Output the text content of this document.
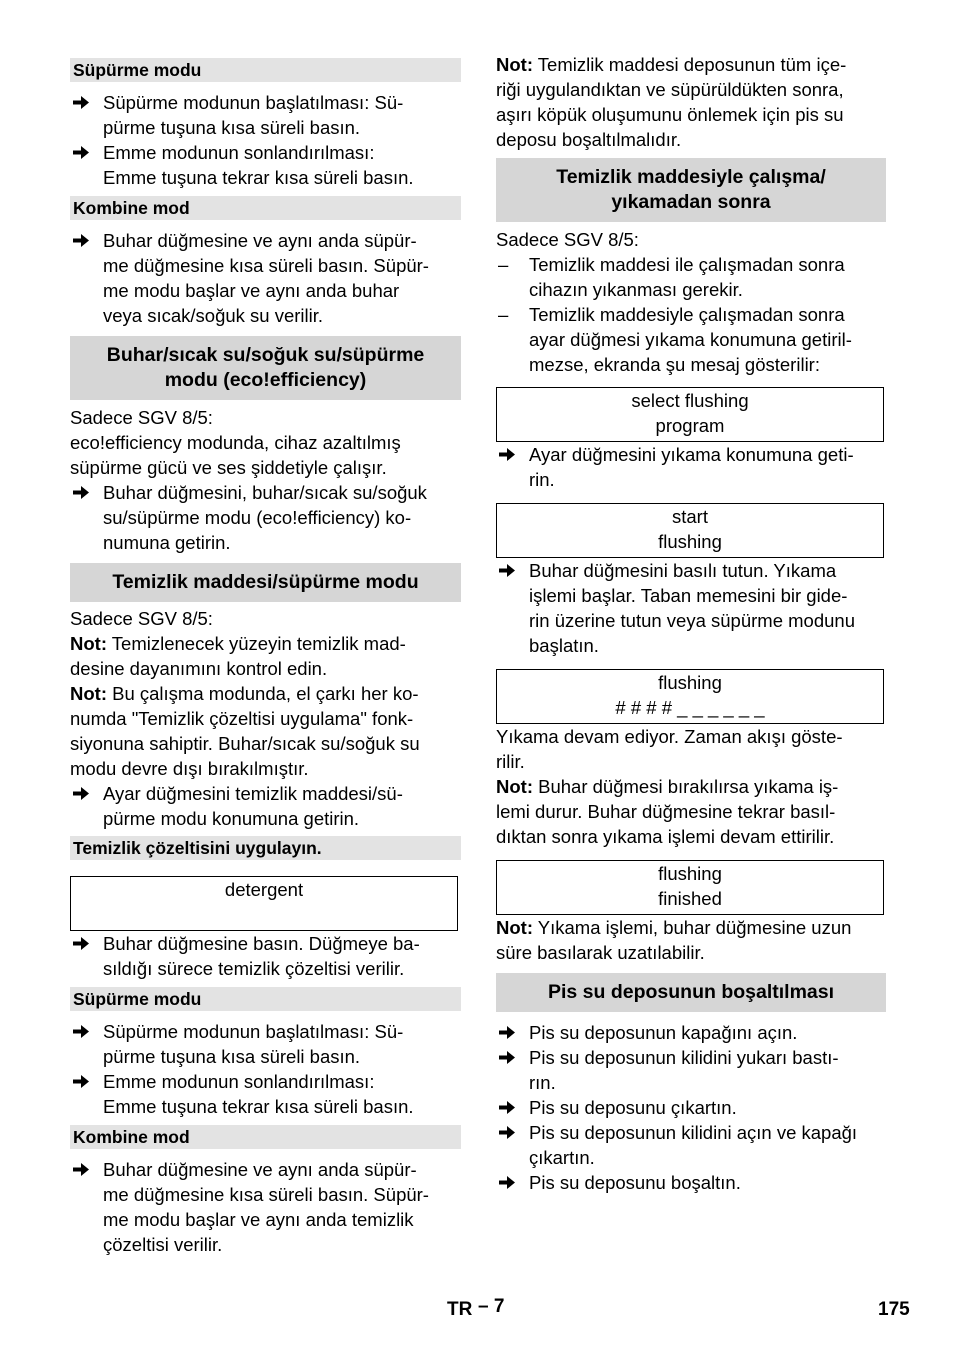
Süpürme modu
Süpürme modunun başlatılması: Sü-
pürme tuşuna kısa süreli basın.
Emme modunun sonlandırılması:
Emme tuşuna tekrar kısa süreli basın.
Kombine mod
Buhar düğmesine ve aynı anda süpür-
me düğmesine kısa süreli basın. Süpür-
me modu başlar ve aynı anda buhar
veya sıcak/soğuk su verilir.
Buhar/sıcak su/soğuk su/süpürme
modu (eco!efficiency)

Sadece SGV 8/5:
eco!efficiency modunda, cihaz azaltılmış
süpürme gücü ve ses şiddetiyle çalışır.

Buhar düğmesini, buhar/sıcak su/soğuk
su/süpürme modu (eco!efficiency) ko-
numuna getirin.
Temizlik maddesi/süpürme modu

Sadece SGV 8/5:
Not: Temizlenecek yüzeyin temizlik mad-
desine dayanımını kontrol edin.
Not: Bu çalışma modunda, el çarkı her ko-
numda "Temizlik çözeltisi uygulama" fonk-
siyonuna sahiptir. Buhar/sıcak su/soğuk su
modu devre dışı bırakılmıştır.

Ayar düğmesini temizlik maddesi/sü-
pürme modu konumuna getirin.
Temizlik çözeltisini uygulayın.
detergent

Buhar düğmesine basın. Düğmeye ba-
sıldığı sürece temizlik çözeltisi verilir.
Süpürme modu
Süpürme modunun başlatılması: Sü-
pürme tuşuna kısa süreli basın.
Emme modunun sonlandırılması:
Emme tuşuna tekrar kısa süreli basın.
Kombine mod
Buhar düğmesine ve aynı anda süpür-
me düğmesine kısa süreli basın. Süpür-
me modu başlar ve aynı anda temizlik
çözeltisi verilir.

Not: Temizlik maddesi deposunun tüm içe-
riği uygulandıktan ve süpürüldükten sonra,
aşırı köpük oluşumunu önlemek için pis su
deposu boşaltılmalıdır.

Temizlik maddesiyle çalışma/
yıkamadan sonra

Sadece SGV 8/5:

– Temizlik maddesi ile çalışmadan sonra
cihazın yıkanması gerekir.
– Temizlik maddesiyle çalışmadan sonra
ayar düğmesi yıkama konumuna getiril-
mezse, ekranda şu mesaj gösterilir:
select flushing
program
Ayar düğmesini yıkama konumuna geti-
rin.
start
flushing
Buhar düğmesini basılı tutun. Yıkama
işlemi başlar. Taban memesini bir gide-
rin üzerine tutun veya süpürme modunu
başlatın.
flushing
# # # # _ _ _ _ _ _

Yıkama devam ediyor. Zaman akışı göste-
rilir.
Not: Buhar düğmesi bırakılırsa yıkama iş-
lemi durur. Buhar düğmesine tekrar basıl-
dıktan sonra yıkama işlemi devam ettirilir.

flushing
finished

Not: Yıkama işlemi, buhar düğmesine uzun
süre basılarak uzatılabilir.

Pis su deposunun boşaltılması
Pis su deposunun kapağını açın.
Pis su deposunun kilidini yukarı bastı-
rın.
Pis su deposunu çıkartın.
Pis su deposunun kilidini açın ve kapağı
çıkartın.
Pis su deposunu boşaltın.
TR – 7	175
